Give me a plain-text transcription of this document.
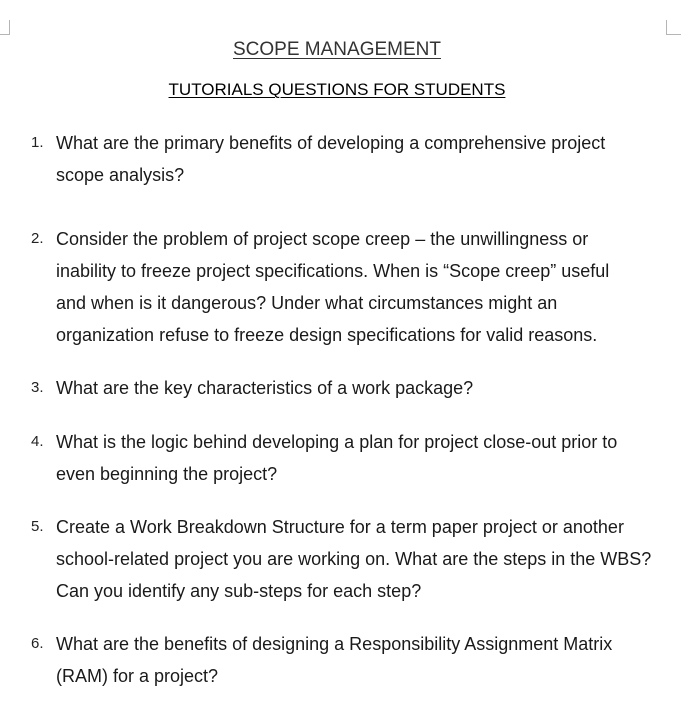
SCOPE MANAGEMENT
TUTORIALS QUESTIONS FOR STUDENTS
1. What are the primary benefits of developing a comprehensive project
scope analysis?
2. Consider the problem of project scope creep – the unwillingness or
inability to freeze project specifications. When is “Scope creep” useful
and when is it dangerous? Under what circumstances might an
organization refuse to freeze design specifications for valid reasons.
3. What are the key characteristics of a work package?
4. What is the logic behind developing a plan for project close-out prior to
even beginning the project?
5. Create a Work Breakdown Structure for a term paper project or another
school-related project you are working on. What are the steps in the WBS?
Can you identify any sub-steps for each step?
6. What are the benefits of designing a Responsibility Assignment Matrix
(RAM) for a project?
